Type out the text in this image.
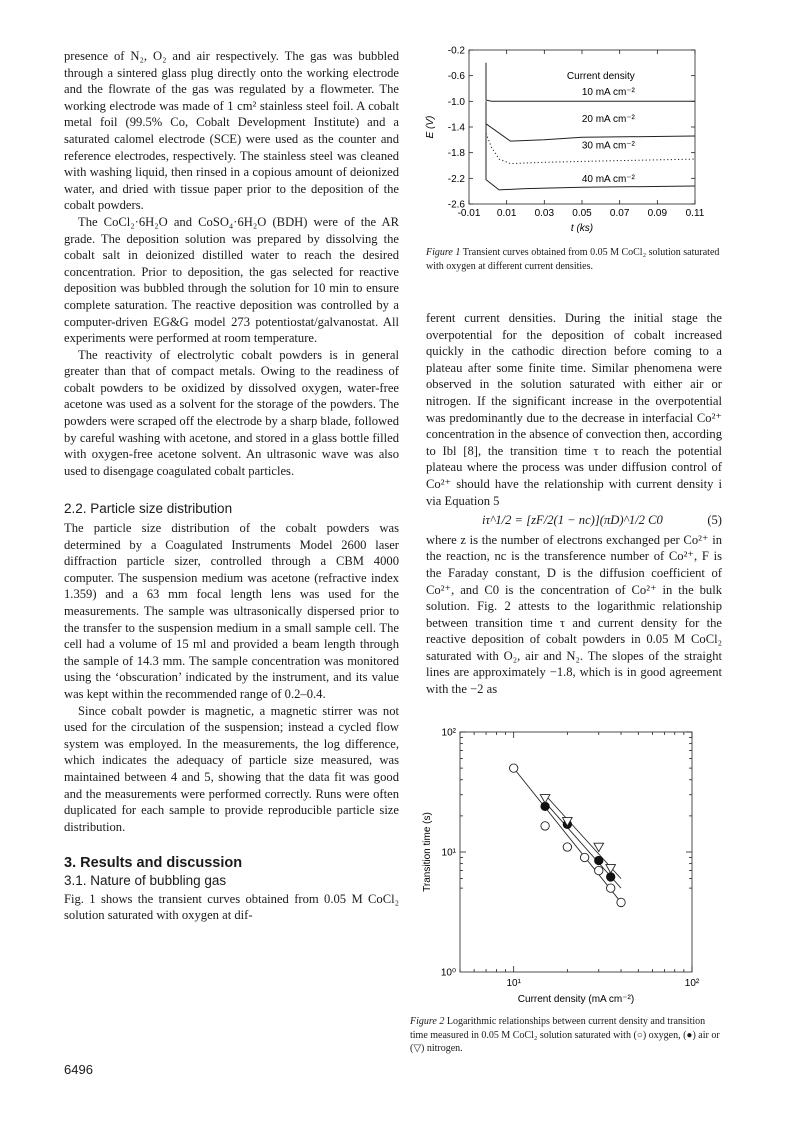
presence of N₂, O₂ and air respectively. The gas was bubbled through a sintered glass plug directly onto the working electrode and the flowrate of the gas was regulated by a flowmeter. The working electrode was made of 1 cm² stainless steel foil. A cobalt metal foil (99.5% Co, Cobalt Development Institute) and a saturated calomel electrode (SCE) were used as the counter and reference electrodes, respectively. The stainless steel was cleaned with washing liquid, then rinsed in a copious amount of deionized water, and dried with tissue paper prior to the deposition of the cobalt powders.

The CoCl₂·6H₂O and CoSO₄·6H₂O (BDH) were of the AR grade. The deposition solution was prepared by dissolving the cobalt salt in deionized distilled water to reach the desired concentration. Prior to deposition, the gas selected for reactive deposition was bubbled through the solution for 10 min to ensure complete saturation. The reactive deposition was controlled by a computer-driven EG&G model 273 potentiostat/galvanostat. All experiments were performed at room temperature.

The reactivity of electrolytic cobalt powders is in general greater than that of compact metals. Owing to the readiness of cobalt powders to be oxidized by dissolved oxygen, water-free acetone was used as a solvent for the storage of the powders. The powders were scraped off the electrode by a sharp blade, followed by careful washing with acetone, and stored in a glass bottle filled with oxygen-free acetone solvent. An ultrasonic wave was also used to disengage coagulated cobalt particles.

2.2. Particle size distribution

The particle size distribution of the cobalt powders was determined by a Coagulated Instruments Model 2600 laser diffraction particle sizer, controlled through a CBM 4000 computer. The suspension medium was acetone (refractive index 1.359) and a 63 mm focal length lens was used for the measurements. The sample was ultrasonically dispersed prior to the transfer to the suspension medium in a small sample cell. The cell had a volume of 15 ml and provided a beam length through the sample of 14.3 mm. The sample concentration was monitored using the ‘obscuration’ indicated by the instrument, and its value was kept within the recommended range of 0.2–0.4.

Since cobalt powder is magnetic, a magnetic stirrer was not used for the circulation of the suspension; instead a cycled flow system was employed. In the measurements, the log difference, which indicates the adequacy of particle size measured, was maintained between 4 and 5, showing that the data fit was good and the measurements were performed correctly. Runs were often duplicated for each sample to provide reproducible particle size distribution.

3. Results and discussion
3.1. Nature of bubbling gas

Fig. 1 shows the transient curves obtained from 0.05 M CoCl₂ solution saturated with oxygen at dif-

-0.01 0.01 0.03 0.05 0.07 0.09 0.11
-0.2
-0.6
-1.0
-1.4
-1.8
-2.2
-2.6
t (ks)
E (V)
Current density
10 mA cm⁻²
20 mA cm⁻²
30 mA cm⁻²
40 mA cm⁻²
Figure 1 Transient curves obtained from 0.05 M CoCl₂ solution saturated with oxygen at different current densities.

ferent current densities. During the initial stage the overpotential for the deposition of cobalt increased quickly in the cathodic direction before coming to a plateau after some finite time. Similar phenomena were observed in the solution saturated with either air or nitrogen. If the significant increase in the overpotential was predominantly due to the decrease in interfacial Co²⁺ concentration in the absence of convection then, according to Ibl [8], the transition time τ to reach the potential plateau where the process was under diffusion control of Co²⁺ should have the relationship with current density i via Equation 5

iτ^1/2 = [zF/2(1 − nc)](πD)^1/2 C0	(5)

where z is the number of electrons exchanged per Co²⁺ in the reaction, nc is the transference number of Co²⁺, F is the Faraday constant, D is the diffusion coefficient of Co²⁺, and C0 is the concentration of Co²⁺ in the bulk solution. Fig. 2 attests to the logarithmic relationship between transition time τ and current density for the reactive deposition of cobalt powders in 0.05 M CoCl₂ saturated with O₂, air and N₂. The slopes of the straight lines are approximately −1.8, which is in good agreement with the −2 as

10¹	10²
10⁰
10¹
10²
Current density (mA cm⁻²)
Transition time (s)
Figure 2 Logarithmic relationships between current density and transition time measured in 0.05 M CoCl₂ solution saturated with (○) oxygen, (●) air or (▽) nitrogen.
6496
